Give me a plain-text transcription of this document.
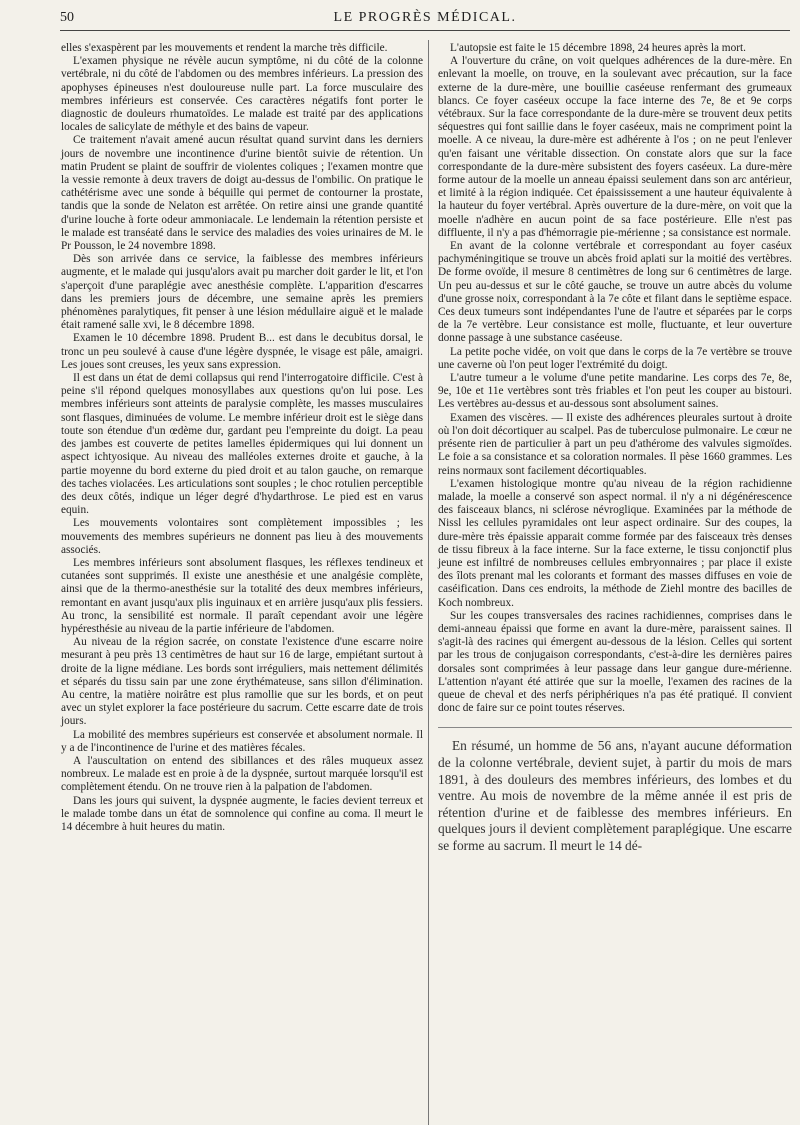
50	LE PROGRÈS MÉDICAL.

elles s'exaspèrent par les mouvements et rendent la marche très difficile.

L'examen physique ne révèle aucun symptôme, ni du côté de la colonne vertébrale, ni du côté de l'abdomen ou des membres inférieurs. La pression des apophyses épineuses n'est douloureuse nulle part. La force musculaire des membres inférieurs est conservée. Ces caractères négatifs font porter le diagnostic de douleurs rhumatoïdes. Le malade est traité par des applications locales de salicylate de méthyle et des bains de vapeur.

Ce traitement n'avait amené aucun résultat quand survint dans les derniers jours de novembre une incontinence d'urine bientôt suivie de rétention. Un matin Prudent se plaint de souffrir de violentes coliques ; l'examen montre que la vessie remonte à deux travers de doigt au-dessus de l'ombilic. On pratique le cathétérisme avec une sonde à béquille qui permet de contourner la prostate, tandis que la sonde de Nelaton est arrêtée. On retire ainsi une grande quantité d'urine louche à forte odeur ammoniacale. Le lendemain la rétention persiste et le malade est transéaté dans le service des maladies des voies urinaires de M. le Pr Pousson, le 24 novembre 1898.

Dès son arrivée dans ce service, la faiblesse des membres inférieurs augmente, et le malade qui jusqu'alors avait pu marcher doit garder le lit, et l'on s'aperçoit d'une paraplégie avec anesthésie complète. L'apparition d'escarres dans les premiers jours de décembre, une semaine après les premiers phénomènes paralytiques, fit penser à une lésion médullaire aiguë et le malade était ramené salle xvi, le 8 décembre 1898.

Examen le 10 décembre 1898. Prudent B... est dans le decubitus dorsal, le tronc un peu soulevé à cause d'une légère dyspnée, le visage est pâle, amaigri. Les joues sont creuses, les yeux sans expression.

Il est dans un état de demi collapsus qui rend l'interrogatoire difficile. C'est à peine s'il répond quelques monosyllabes aux questions qu'on lui pose. Les membres inférieurs sont atteints de paralysie complète, les masses musculaires sont flasques, diminuées de volume. Le membre inférieur droit est le siège dans toute son étendue d'un œdème dur, gardant peu l'empreinte du doigt. La peau des jambes est couverte de petites lamelles épidermiques qui lui donnent un aspect ichtyosique. Au niveau des malléoles externes droite et gauche, à la partie moyenne du bord externe du pied droit et au talon gauche, on remarque des taches violacées. Les articulations sont souples ; le choc rotulien perceptible des deux côtés, indique un léger degré d'hydarthrose. Le pied est en varus equin.

Les mouvements volontaires sont complètement impossibles ; les mouvements des membres supérieurs ne donnent pas lieu à des mouvements associés.

Les membres inférieurs sont absolument flasques, les réflexes tendineux et cutanées sont supprimés. Il existe une anesthésie et une analgésie complète, ainsi que de la thermo-anesthésie sur la totalité des deux membres inférieurs, remontant en avant jusqu'aux plis inguinaux et en arrière jusqu'aux plis fessiers. Au tronc, la sensibilité est normale. Il paraît cependant avoir une légère hypéresthésie au niveau de la partie inférieure de l'abdomen.

Au niveau de la région sacrée, on constate l'existence d'une escarre noire mesurant à peu près 13 centimètres de haut sur 16 de large, empiétant surtout à droite de la ligne médiane. Les bords sont irréguliers, mais nettement délimités et séparés du tissu sain par une zone érythémateuse, sans sillon d'élimination. Au centre, la matière noirâtre est plus ramollie que sur les bords, et on peut avec un stylet explorer la face postérieure du sacrum. Cette escarre date de trois jours.

La mobilité des membres supérieurs est conservée et absolument normale. Il y a de l'incontinence de l'urine et des matières fécales.

A l'auscultation on entend des sibillances et des râles muqueux assez nombreux. Le malade est en proie à de la dyspnée, surtout marquée lorsqu'il est complètement étendu. On ne trouve rien à la palpation de l'abdomen.

Dans les jours qui suivent, la dyspnée augmente, le facies devient terreux et le malade tombe dans un état de somnolence qui confine au coma. Il meurt le 14 décembre à huit heures du matin.

L'autopsie est faite le 15 décembre 1898, 24 heures après la mort.

A l'ouverture du crâne, on voit quelques adhérences de la dure-mère. En enlevant la moelle, on trouve, en la soulevant avec précaution, sur la face externe de la dure-mère, une bouillie caséeuse renfermant des grumeaux blancs. Ce foyer caséeux occupe la face interne des 7e, 8e et 9e corps vétébraux. Sur la face correspondante de la dure-mère se trouvent deux petits séquestres qui font saillie dans le foyer caséeux, mais ne compriment point la moelle. A ce niveau, la dure-mère est adhérente à l'os ; on ne peut l'enlever qu'en faisant une véritable dissection. On constate alors que sur la face correspondante de la dure-mère subsistent des foyers caséeux. La dure-mère forme autour de la moelle un anneau épaissi seulement dans son arc antérieur, et limité à la région indiquée. Cet épaississement a une hauteur équivalente à la hauteur du foyer vertébral. Après ouverture de la dure-mère, on voit que la moelle n'adhère en aucun point de sa face postérieure. Elle n'est pas diffluente, il n'y a pas d'hémorragie pie-mérienne ; sa consistance est normale.

En avant de la colonne vertébrale et correspondant au foyer caséux pachyméningitique se trouve un abcès froid aplati sur la moitié des vertèbres. De forme ovoïde, il mesure 8 centimètres de long sur 6 centimètres de large. Un peu au-dessus et sur le côté gauche, se trouve un autre abcès du volume d'une grosse noix, correspondant à la 7e côte et filant dans le septième espace. Ces deux tumeurs sont indépendantes l'une de l'autre et séparées par le corps de la 7e vertèbre. Leur consistance est molle, fluctuante, et leur ouverture donne passage à une substance caséeuse.

La petite poche vidée, on voit que dans le corps de la 7e vertèbre se trouve une caverne où l'on peut loger l'extrémité du doigt.

L'autre tumeur a le volume d'une petite mandarine. Les corps des 7e, 8e, 9e, 10e et 11e vertèbres sont très friables et l'on peut les couper au bistouri. Les vertèbres au-dessus et au-dessous sont absolument saines.

Examen des viscères. — Il existe des adhérences pleurales surtout à droite où l'on doit décortiquer au scalpel. Pas de tuberculose pulmonaire. Le cœur ne présente rien de particulier à part un peu d'athérome des valvules sigmoïdes. Le foie a sa consistance et sa coloration normales. Il pèse 1660 grammes. Les reins normaux sont facilement décortiquables.

L'examen histologique montre qu'au niveau de la région rachidienne malade, la moelle a conservé son aspect normal. il n'y a ni dégénérescence des faisceaux blancs, ni sclérose névroglique. Examinées par la méthode de Nissl les cellules pyramidales ont leur aspect ordinaire. Sur des coupes, la dure-mère très épaissie apparait comme formée par des faisceaux très denses de tissu fibreux à la face interne. Sur la face externe, le tissu conjonctif plus jeune est infiltré de nombreuses cellules embryonnaires ; par place il existe des îlots prenant mal les colorants et formant des masses diffuses en voie de caséification. Dans ces endroits, la méthode de Ziehl montre des bacilles de Koch nombreux.

Sur les coupes transversales des racines rachidiennes, comprises dans le demi-anneau épaissi que forme en avant la dure-mère, paraissent saines. Il s'agit-là des racines qui émergent au-dessous de la lésion. Celles qui sortent par les trous de conjugaison correspondants, c'est-à-dire les dernières paires dorsales sont comprimées à leur passage dans leur gangue dure-mérienne. L'attention n'ayant été attirée que sur la moelle, l'examen des racines de la queue de cheval et des nerfs périphériques n'a pas été pratiqué. Il convient donc de faire sur ce point toutes réserves.

En résumé, un homme de 56 ans, n'ayant aucune déformation de la colonne vertébrale, devient sujet, à partir du mois de mars 1891, à des douleurs des membres inférieurs, des lombes et du ventre. Au mois de novembre de la même année il est pris de rétention d'urine et de faiblesse des membres inférieurs. En quelques jours il devient complètement paraplégique. Une escarre se forme au sacrum. Il meurt le 14 dé-
